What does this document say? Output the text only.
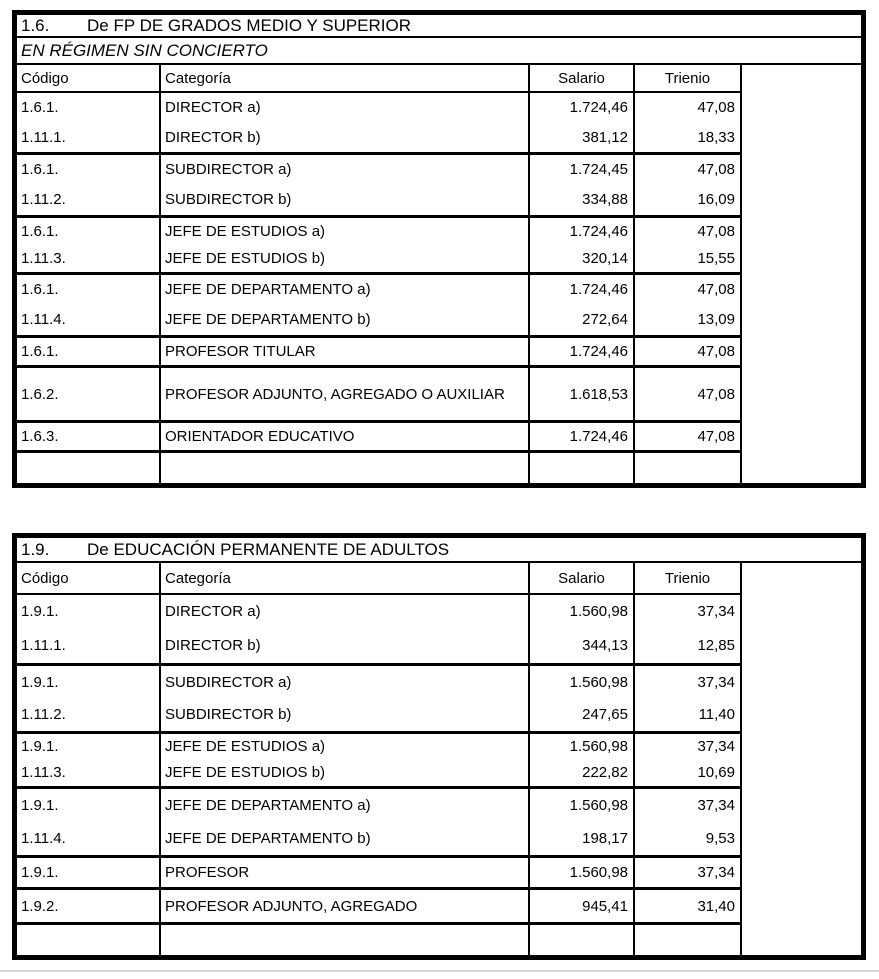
1.6.	De FP DE GRADOS MEDIO Y SUPERIOR
EN RÉGIMEN SIN CONCIERTO
Código	Categoría	Salario	Trienio
1.6.1.	DIRECTOR a)	1.724,46	47,08
1.11.1.	DIRECTOR b)	381,12	18,33
1.6.1.	SUBDIRECTOR a)	1.724,45	47,08
1.11.2.	SUBDIRECTOR b)	334,88	16,09
1.6.1.	JEFE DE ESTUDIOS a)	1.724,46	47,08
1.11.3.	JEFE DE ESTUDIOS b)	320,14	15,55
1.6.1.	JEFE DE DEPARTAMENTO a)	1.724,46	47,08
1.11.4.	JEFE DE DEPARTAMENTO b)	272,64	13,09
1.6.1.	PROFESOR TITULAR	1.724,46	47,08
1.6.2.	PROFESOR ADJUNTO, AGREGADO O AUXILIAR	1.618,53	47,08
1.6.3.	ORIENTADOR EDUCATIVO	1.724,46	47,08
1.9.	De EDUCACIÓN PERMANENTE DE ADULTOS
Código	Categoría	Salario	Trienio
1.9.1.	DIRECTOR a)	1.560,98	37,34
1.11.1.	DIRECTOR b)	344,13	12,85
1.9.1.	SUBDIRECTOR a)	1.560,98	37,34
1.11.2.	SUBDIRECTOR b)	247,65	11,40
1.9.1.	JEFE DE ESTUDIOS a)	1.560,98	37,34
1.11.3.	JEFE DE ESTUDIOS b)	222,82	10,69
1.9.1.	JEFE DE DEPARTAMENTO a)	1.560,98	37,34
1.11.4.	JEFE DE DEPARTAMENTO b)	198,17	9,53
1.9.1.	PROFESOR	1.560,98	37,34
1.9.2.	PROFESOR ADJUNTO, AGREGADO	945,41	31,40
